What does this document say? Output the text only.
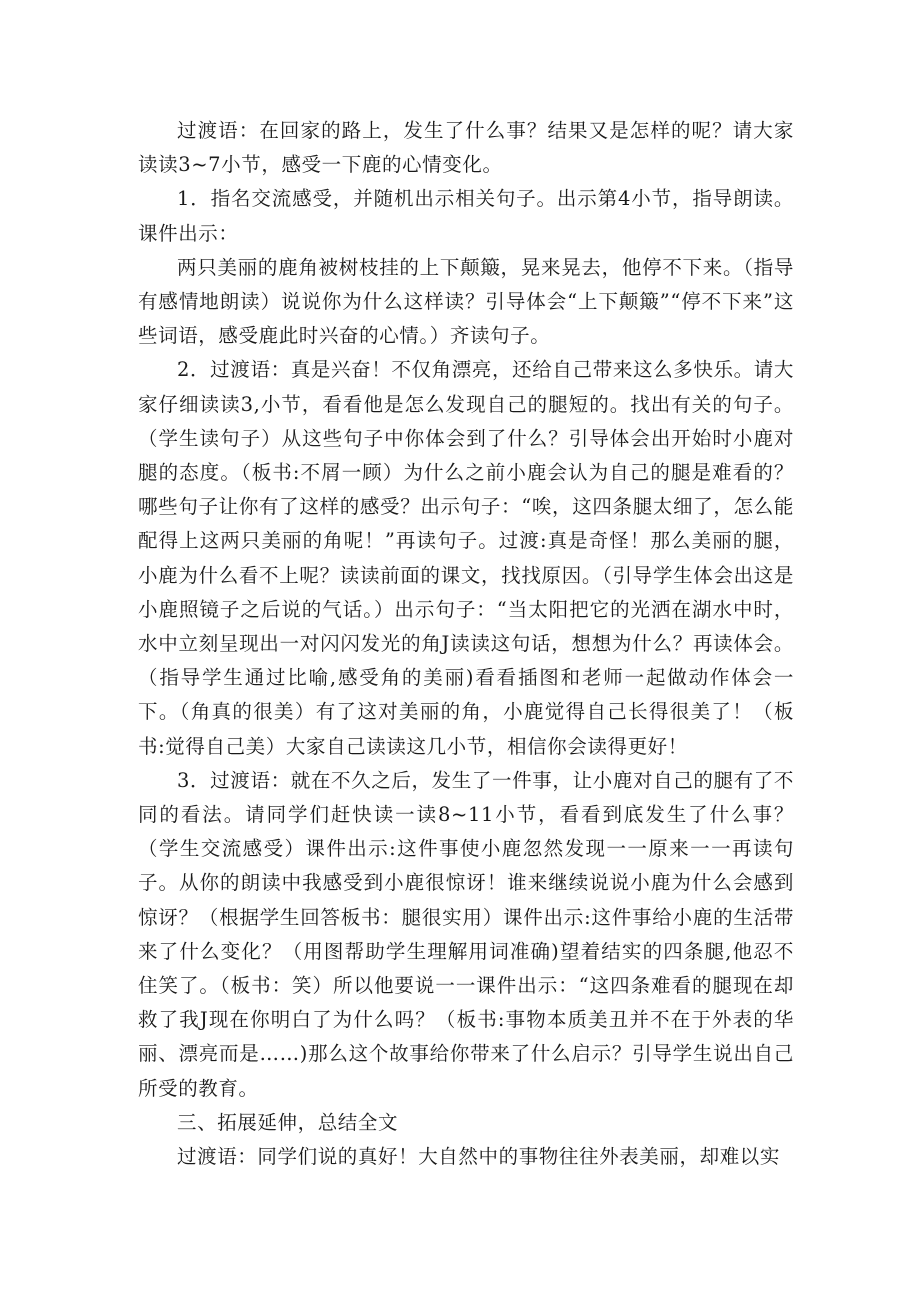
过渡语：在回家的路上，发生了什么事？结果又是怎样的呢？请大家读读3~7小节，感受一下鹿的心情变化。

1．指名交流感受，并随机出示相关句子。出示第4小节，指导朗读。课件出示：

两只美丽的鹿角被树枝挂的上下颠簸，晃来晃去，他停不下来。（指导有感情地朗读）说说你为什么这样读？引导体会“上下颠簸”“停不下来”这些词语，感受鹿此时兴奋的心情。）齐读句子。

2．过渡语：真是兴奋！不仅角漂亮，还给自己带来这么多快乐。请大家仔细读读3,小节，看看他是怎么发现自己的腿短的。找出有关的句子。（学生读句子）从这些句子中你体会到了什么？引导体会出开始时小鹿对腿的态度。（板书:不屑一顾）为什么之前小鹿会认为自己的腿是难看的？哪些句子让你有了这样的感受？出示句子：“唉，这四条腿太细了，怎么能配得上这两只美丽的角呢！”再读句子。过渡:真是奇怪！那么美丽的腿，小鹿为什么看不上呢？读读前面的课文，找找原因。（引导学生体会出这是小鹿照镜子之后说的气话。）出示句子：“当太阳把它的光洒在湖水中时，水中立刻呈现出一对闪闪发光的角J读读这句话，想想为什么？再读体会。（指导学生通过比喻,感受角的美丽)看看插图和老师一起做动作体会一下。（角真的很美）有了这对美丽的角，小鹿觉得自己长得很美了！（板书:觉得自己美）大家自己读读这几小节，相信你会读得更好！

3．过渡语：就在不久之后，发生了一件事，让小鹿对自己的腿有了不同的看法。请同学们赶快读一读8~11小节，看看到底发生了什么事？（学生交流感受）课件出示:这件事使小鹿忽然发现一一原来一一再读句子。从你的朗读中我感受到小鹿很惊讶！谁来继续说说小鹿为什么会感到惊讶？（根据学生回答板书：腿很实用）课件出示:这件事给小鹿的生活带来了什么变化？（用图帮助学生理解用词准确)望着结实的四条腿,他忍不住笑了。（板书：笑）所以他要说一一课件出示：“这四条难看的腿现在却救了我J现在你明白了为什么吗？（板书:事物本质美丑并不在于外表的华丽、漂亮而是……)那么这个故事给你带来了什么启示？引导学生说出自己所受的教育。

三、拓展延伸，总结全文

过渡语：同学们说的真好！大自然中的事物往往外表美丽，却难以实
